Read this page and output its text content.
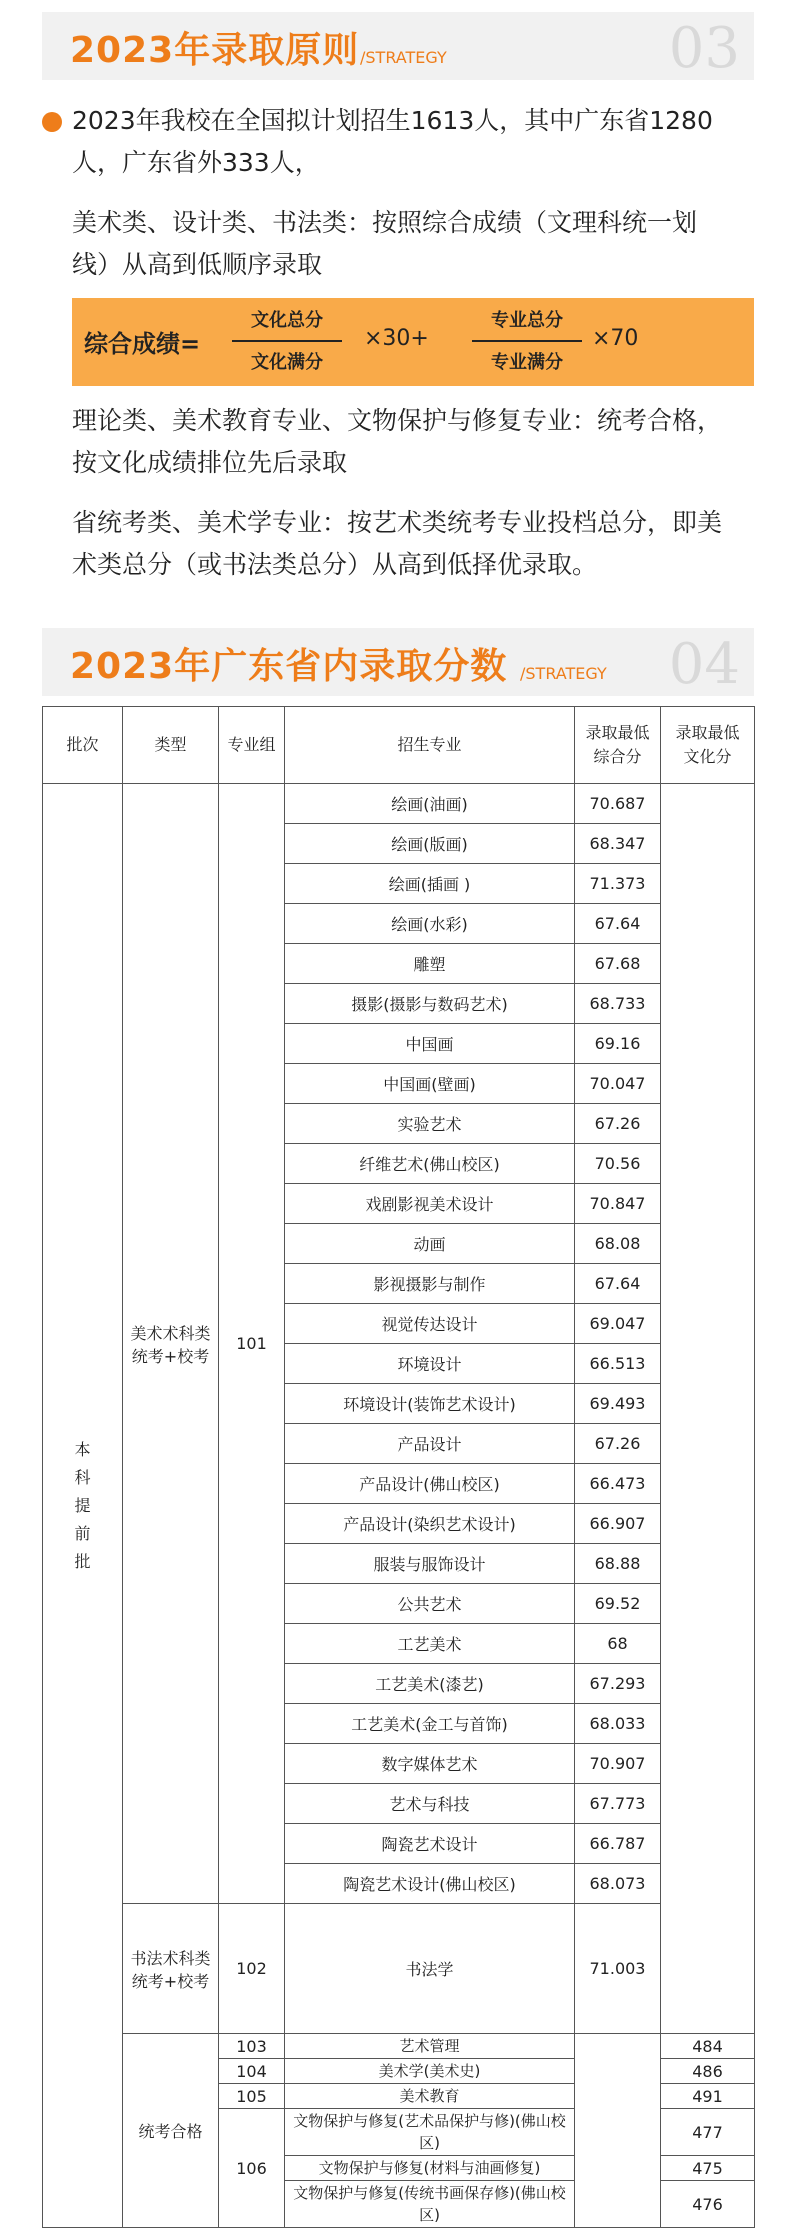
2023年录取原则 /STRATEGY	03
2023年我校在全国拟计划招生1613人，其中广东省1280
人，广东省外333人，
美术类、设计类、书法类：按照综合成绩（文理科统一划
线）从高到低顺序录取
综合成绩=
文化总分
文化满分
×30+
专业总分
专业满分
×70
理论类、美术教育专业、文物保护与修复专业：统考合格，
按文化成绩排位先后录取
省统考类、美术学专业：按艺术类统考专业投档总分，即美
术类总分（或书法类总分）从高到低择优录取。
2023年广东省内录取分数 /STRATEGY 04
批次	类型	专业组	招生专业	录取最低综合分	录取最低文化分

本科提前批	美术术科类统考+校考	101	绘画(油画)	70.687	
			绘画(版画)	68.347	
			绘画(插画 )	71.373	
			绘画(水彩)	67.64	
			雕塑	67.68	
			摄影(摄影与数码艺术)	68.733	
			中国画	69.16	
			中国画(壁画)	70.047	
			实验艺术	67.26	
			纤维艺术(佛山校区)	70.56	
			戏剧影视美术设计	70.847	
			动画	68.08	
			影视摄影与制作	67.64	
			视觉传达设计	69.047	
			环境设计	66.513	
			环境设计(装饰艺术设计)	69.493	
			产品设计	67.26	
			产品设计(佛山校区)	66.473	
			产品设计(染织艺术设计)	66.907	
			服装与服饰设计	68.88	
			公共艺术	69.52	
			工艺美术	68	
			工艺美术(漆艺)	67.293	
			工艺美术(金工与首饰)	68.033	
			数字媒体艺术	70.907	
			艺术与科技	67.773	
			陶瓷艺术设计	66.787	
			陶瓷艺术设计(佛山校区)	68.073	
	书法术科类统考+校考	102	书法学	71.003	
	统考合格	103	艺术管理		484
		104	美术学(美术史)		486
		105	美术教育		491
		106	文物保护与修复(艺术品保护与修)(佛山校区)		477
			文物保护与修复(材料与油画修复)		475
			文物保护与修复(传统书画保存修)(佛山校区)		476
